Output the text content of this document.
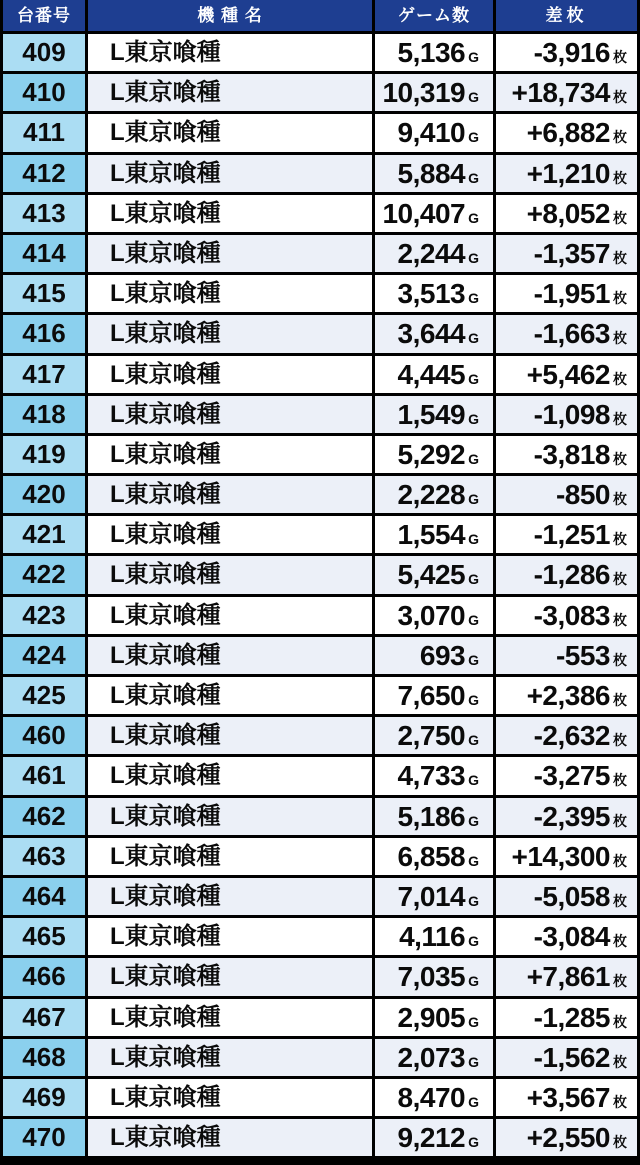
台番号	機 種 名	ゲーム数	差枚
409	L東京喰種	5,136 G	-3,916 枚
410	L東京喰種	10,319 G	+18,734 枚
411	L東京喰種	9,410 G	+6,882 枚
412	L東京喰種	5,884 G	+1,210 枚
413	L東京喰種	10,407 G	+8,052 枚
414	L東京喰種	2,244 G	-1,357 枚
415	L東京喰種	3,513 G	-1,951 枚
416	L東京喰種	3,644 G	-1,663 枚
417	L東京喰種	4,445 G	+5,462 枚
418	L東京喰種	1,549 G	-1,098 枚
419	L東京喰種	5,292 G	-3,818 枚
420	L東京喰種	2,228 G	-850 枚
421	L東京喰種	1,554 G	-1,251 枚
422	L東京喰種	5,425 G	-1,286 枚
423	L東京喰種	3,070 G	-3,083 枚
424	L東京喰種	693 G	-553 枚
425	L東京喰種	7,650 G	+2,386 枚
460	L東京喰種	2,750 G	-2,632 枚
461	L東京喰種	4,733 G	-3,275 枚
462	L東京喰種	5,186 G	-2,395 枚
463	L東京喰種	6,858 G	+14,300 枚
464	L東京喰種	7,014 G	-5,058 枚
465	L東京喰種	4,116 G	-3,084 枚
466	L東京喰種	7,035 G	+7,861 枚
467	L東京喰種	2,905 G	-1,285 枚
468	L東京喰種	2,073 G	-1,562 枚
469	L東京喰種	8,470 G	+3,567 枚
470	L東京喰種	9,212 G	+2,550 枚
